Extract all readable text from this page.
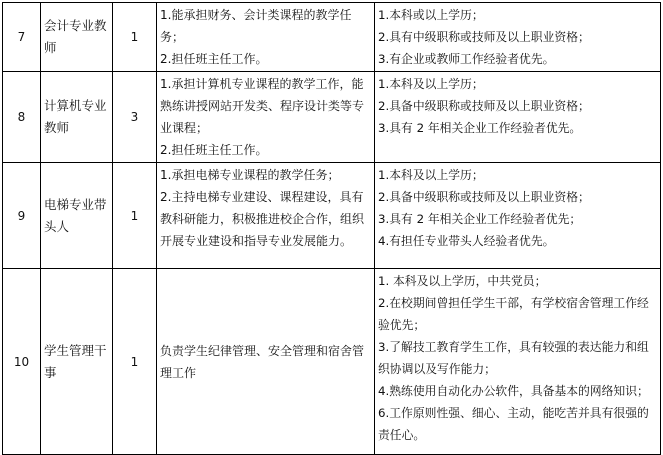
7	会计专业教师	1	1.能承担财务、会计类课程的教学任务；
2.担任班主任工作。	1.本科或以上学历；
2.具有中级职称或技师及以上职业资格；
3.有企业或教师工作经验者优先。

8	计算机专业教师	3	1.承担计算机专业课程的教学工作，能熟练讲授网站开发类、程序设计类等专业课程；
2.担任班主任工作。	1.本科及以上学历；
2.具备中级职称或技师及以上职业资格；
3.具有 2 年相关企业工作经验者优先。

9	电梯专业带头人	1	1.承担电梯专业课程的教学任务；
2.主持电梯专业建设、课程建设，具有教科研能力，积极推进校企合作，组织开展专业建设和指导专业发展能力。	1.本科及以上学历；
2.具备中级职称或技师及以上职业资格；
3.具有 2 年相关企业工作经验者优先；
4.有担任专业带头人经验者优先。

10	学生管理干事	1	负责学生纪律管理、安全管理和宿舍管理工作	1. 本科及以上学历，中共党员；
2.在校期间曾担任学生干部，有学校宿舍管理工作经验优先；
3.了解技工教育学生工作，具有较强的表达能力和组织协调以及写作能力；
4.熟练使用自动化办公软件，具备基本的网络知识；
6.工作原则性强、细心、主动，能吃苦并具有很强的责任心。
